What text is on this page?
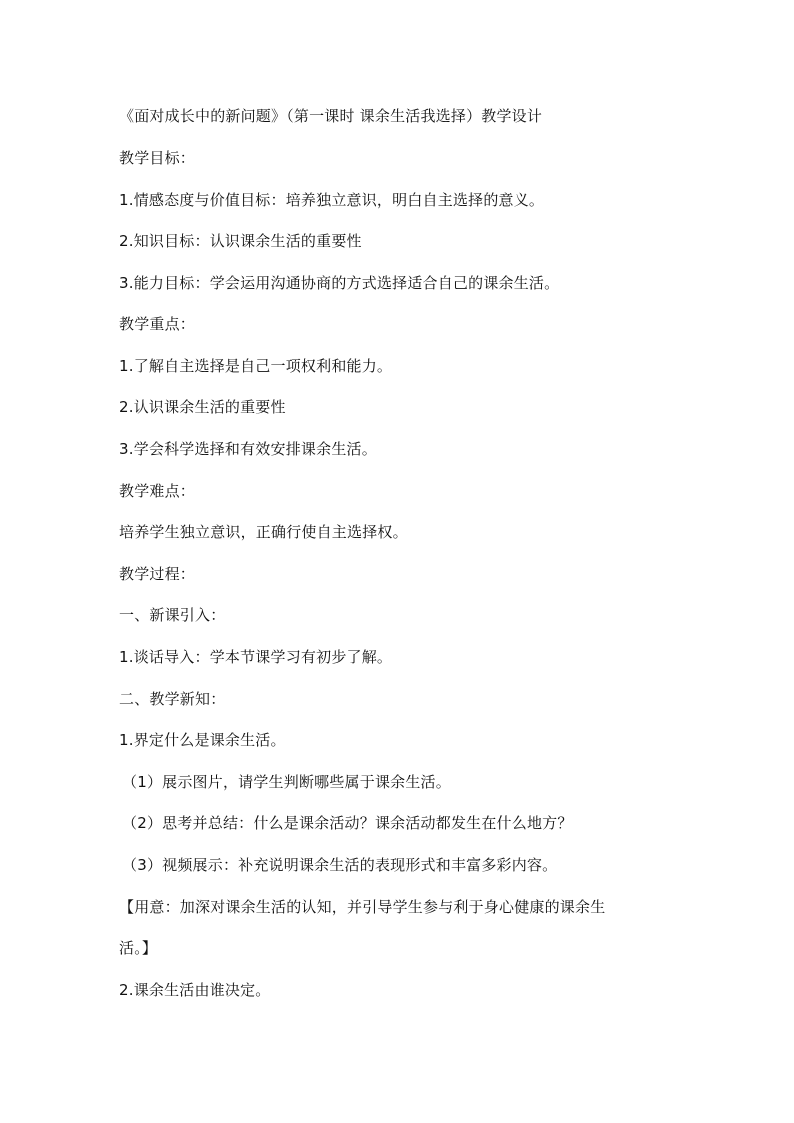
《面对成长中的新问题》（第一课时 课余生活我选择）教学设计
教学目标：
1.情感态度与价值目标：培养独立意识，明白自主选择的意义。
2.知识目标：认识课余生活的重要性
3.能力目标：学会运用沟通协商的方式选择适合自己的课余生活。
教学重点：
1.了解自主选择是自己一项权利和能力。
2.认识课余生活的重要性
3.学会科学选择和有效安排课余生活。
教学难点：
培养学生独立意识，正确行使自主选择权。
教学过程：
一、新课引入：
1.谈话导入：学本节课学习有初步了解。
二、教学新知：
1.界定什么是课余生活。
（1）展示图片，请学生判断哪些属于课余生活。
（2）思考并总结：什么是课余活动？课余活动都发生在什么地方？
（3）视频展示：补充说明课余生活的表现形式和丰富多彩内容。
【用意：加深对课余生活的认知，并引导学生参与利于身心健康的课余生
活。】
2.课余生活由谁决定。
